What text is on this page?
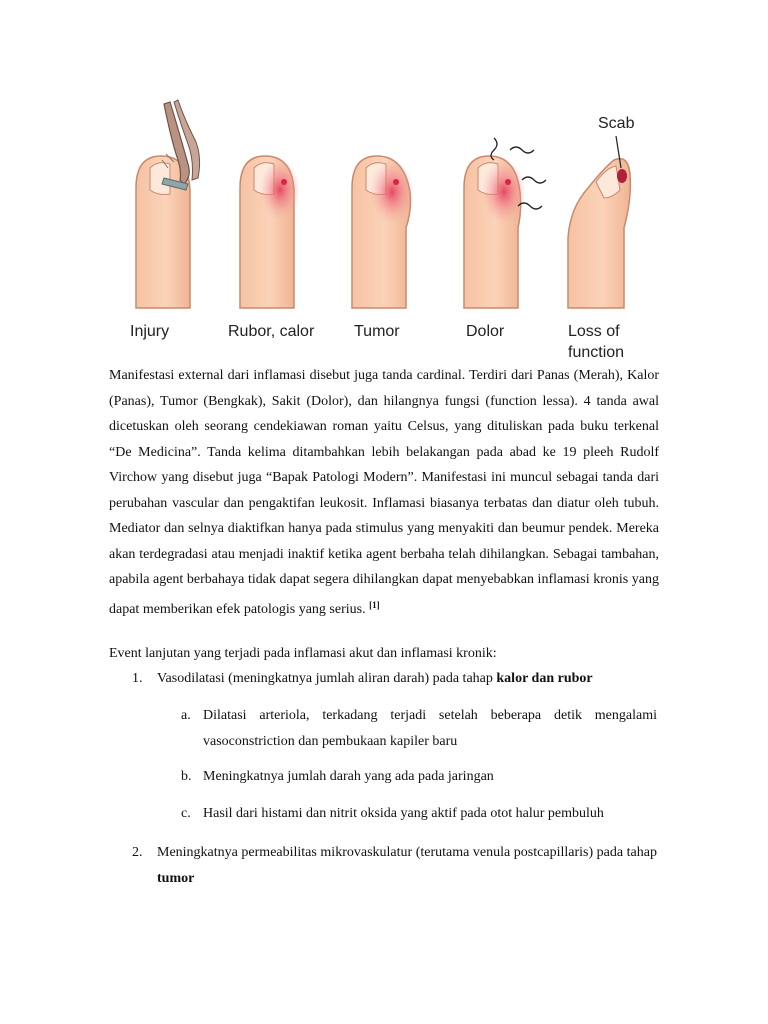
Injury	Rubor, calor Tumor	Dolor	Loss of
function
Scab

Manifestasi external dari inflamasi disebut juga tanda cardinal. Terdiri dari Panas (Merah), Kalor (Panas), Tumor (Bengkak), Sakit (Dolor), dan hilangnya fungsi (function lessa). 4 tanda awal dicetuskan oleh seorang cendekiawan roman yaitu Celsus, yang dituliskan pada buku terkenal “De Medicina”. Tanda kelima ditambahkan lebih belakangan pada abad ke 19 pleeh Rudolf Virchow yang disebut juga “Bapak Patologi Modern”. Manifestasi ini muncul sebagai tanda dari perubahan vascular dan pengaktifan leukosit. Inflamasi biasanya terbatas dan diatur oleh tubuh. Mediator dan selnya diaktifkan hanya pada stimulus yang menyakiti dan beumur pendek. Mereka akan terdegradasi atau menjadi inaktif ketika agent berbaha telah dihilangkan. Sebagai tambahan, apabila agent berbahaya tidak dapat segera dihilangkan dapat menyebabkan inflamasi kronis yang dapat memberikan efek patologis yang serius. [1]

Event lanjutan yang terjadi pada inflamasi akut dan inflamasi kronik:
1. Vasodilatasi (meningkatnya jumlah aliran darah) pada tahap kalor dan rubor
a. Dilatasi arteriola, terkadang terjadi setelah beberapa detik mengalami vasoconstriction dan pembukaan kapiler baru
b. Meningkatnya jumlah darah yang ada pada jaringan
c. Hasil dari histami dan nitrit oksida yang aktif pada otot halur pembuluh
2. Meningkatnya permeabilitas mikrovaskulatur (terutama venula postcapillaris) pada tahap tumor
